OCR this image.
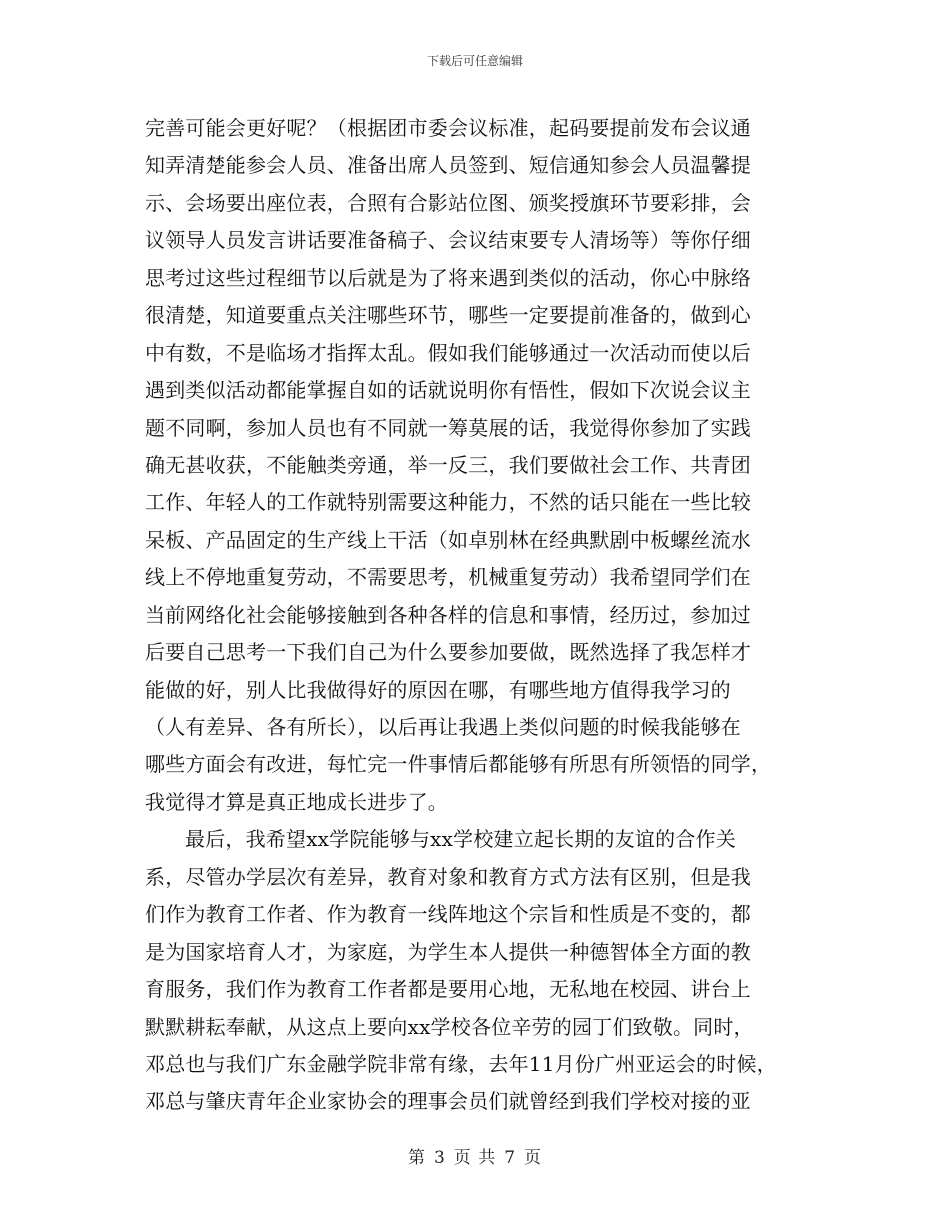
下载后可任意编辑
完善可能会更好呢？（根据团市委会议标准，起码要提前发布会议通
知弄清楚能参会人员、准备出席人员签到、短信通知参会人员温馨提
示、会场要出座位表，合照有合影站位图、颁奖授旗环节要彩排，会
议领导人员发言讲话要准备稿子、会议结束要专人清场等）等你仔细
思考过这些过程细节以后就是为了将来遇到类似的活动，你心中脉络
很清楚，知道要重点关注哪些环节，哪些一定要提前准备的，做到心
中有数，不是临场才指挥太乱。假如我们能够通过一次活动而使以后
遇到类似活动都能掌握自如的话就说明你有悟性，假如下次说会议主
题不同啊，参加人员也有不同就一筹莫展的话，我觉得你参加了实践
确无甚收获，不能触类旁通，举一反三，我们要做社会工作、共青团
工作、年轻人的工作就特别需要这种能力，不然的话只能在一些比较
呆板、产品固定的生产线上干活（如卓别林在经典默剧中板螺丝流水
线上不停地重复劳动，不需要思考，机械重复劳动）我希望同学们在
当前网络化社会能够接触到各种各样的信息和事情，经历过，参加过
后要自己思考一下我们自己为什么要参加要做，既然选择了我怎样才
能做的好，别人比我做得好的原因在哪，有哪些地方值得我学习的
（人有差异、各有所长），以后再让我遇上类似问题的时候我能够在
哪些方面会有改进，每忙完一件事情后都能够有所思有所领悟的同学，
我觉得才算是真正地成长进步了。
最后，我希望xx学院能够与xx学校建立起长期的友谊的合作关
系，尽管办学层次有差异，教育对象和教育方式方法有区别，但是我
们作为教育工作者、作为教育一线阵地这个宗旨和性质是不变的，都
是为国家培育人才，为家庭，为学生本人提供一种德智体全方面的教
育服务，我们作为教育工作者都是要用心地，无私地在校园、讲台上
默默耕耘奉献，从这点上要向xx学校各位辛劳的园丁们致敬。同时，
邓总也与我们广东金融学院非常有缘，去年11月份广州亚运会的时候，
邓总与肇庆青年企业家协会的理事会员们就曾经到我们学校对接的亚
第 3 页 共 7 页
